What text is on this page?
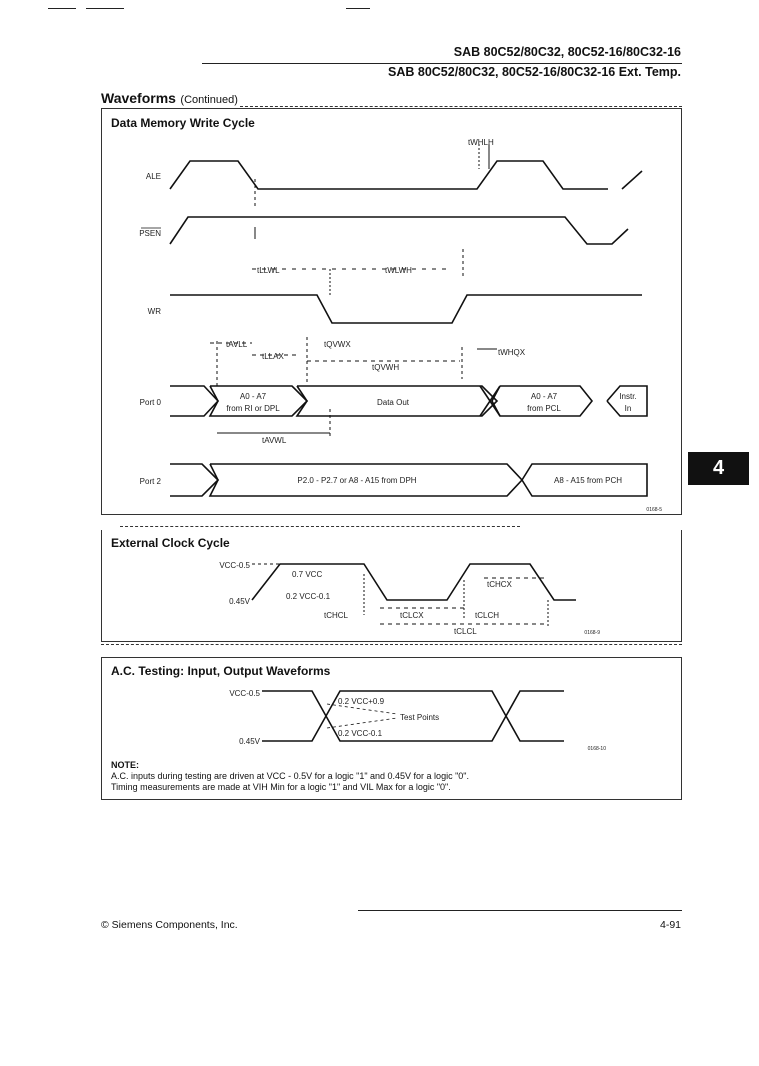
SAB 80C52/80C32, 80C52-16/80C32-16
SAB 80C52/80C32, 80C52-16/80C32-16 Ext. Temp.
Waveforms (Continued)
Data Memory Write Cycle
ALE
PSEN
WR
Port 0
Port 2
tWHLH
tLLWL	tWLWH
tAVLL
tLLAX
tQVWX
tQVWH
tWHQX
tAVWL
A0 - A7
from RI or DPL
Data Out
A0 - A7
from PCL
Instr.
In
P2.0 - P2.7 or A8 - A15 from DPH	A8 - A15 from PCH
0168-5
External Clock Cycle
VCC-0.5
0.45V
0.7 VCC
0.2 VCC-0.1
tCHCL	tCLCX	tCLCH
tCHCX
tCLCL	0168-9
A.C. Testing: Input, Output Waveforms
VCC-0.5
0.45V
0.2 VCC+0.9
Test Points
0.2 VCC-0.1
0168-10
NOTE:
A.C. inputs during testing are driven at VCC - 0.5V for a logic "1" and 0.45V for a logic "0".
Timing measurements are made at VIH Min for a logic "1" and VIL Max for a logic "0".
4
© Siemens Components, Inc.	4-91
